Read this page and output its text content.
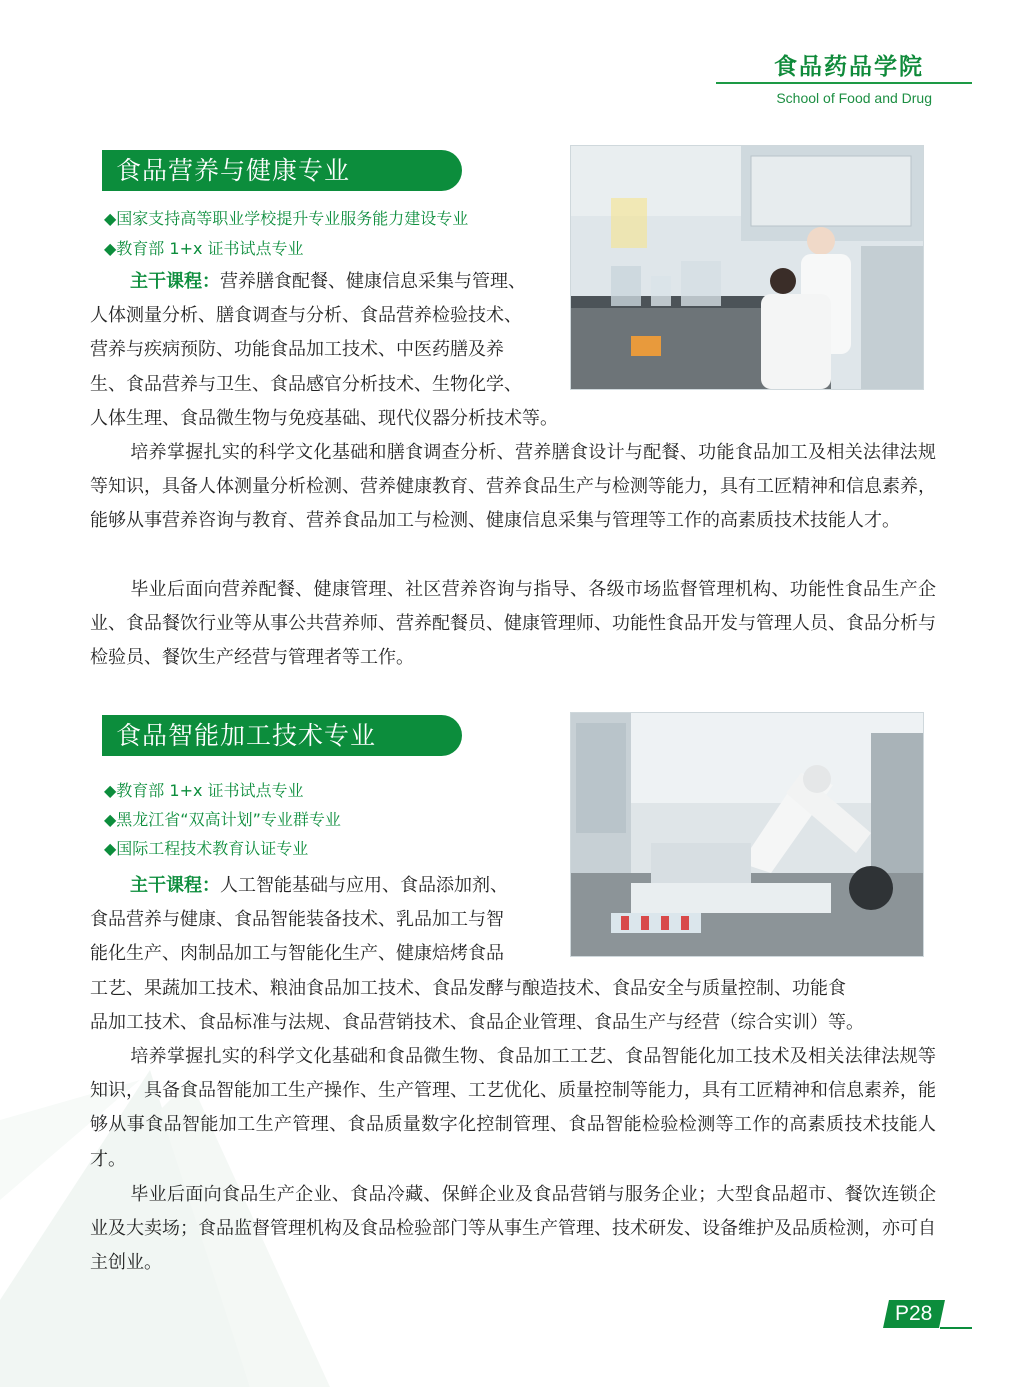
食品药品学院
School of Food and Drug
食品营养与健康专业
◆国家支持高等职业学校提升专业服务能力建设专业
◆教育部 1+x 证书试点专业

主干课程：营养膳食配餐、健康信息采集与管理、
人体测量分析、膳食调查与分析、食品营养检验技术、
营养与疾病预防、功能食品加工技术、中医药膳及养
生、食品营养与卫生、食品感官分析技术、生物化学、
人体生理、食品微生物与免疫基础、现代仪器分析技术等。

培养掌握扎实的科学文化基础和膳食调查分析、营养膳食设计与配餐、功能食品加工及相关法律法规等知识，具备人体测量分析检测、营养健康教育、营养食品生产与检测等能力，具有工匠精神和信息素养，能够从事营养咨询与教育、营养食品加工与检测、健康信息采集与管理等工作的高素质技术技能人才。

毕业后面向营养配餐、健康管理、社区营养咨询与指导、各级市场监督管理机构、功能性食品生产企业、食品餐饮行业等从事公共营养师、营养配餐员、健康管理师、功能性食品开发与管理人员、食品分析与检验员、餐饮生产经营与管理者等工作。

食品智能加工技术专业
◆教育部 1+x 证书试点专业
◆黑龙江省“双高计划”专业群专业
◆国际工程技术教育认证专业

主干课程：人工智能基础与应用、食品添加剂、
食品营养与健康、食品智能装备技术、乳品加工与智
能化生产、肉制品加工与智能化生产、健康焙烤食品
工艺、果蔬加工技术、粮油食品加工技术、食品发酵与酿造技术、食品安全与质量控制、功能食
品加工技术、食品标准与法规、食品营销技术、食品企业管理、食品生产与经营（综合实训）等。

培养掌握扎实的科学文化基础和食品微生物、食品加工工艺、食品智能化加工技术及相关法律法规等知识，具备食品智能加工生产操作、生产管理、工艺优化、质量控制等能力，具有工匠精神和信息素养，能够从事食品智能加工生产管理、食品质量数字化控制管理、食品智能检验检测等工作的高素质技术技能人才。

毕业后面向食品生产企业、食品冷藏、保鲜企业及食品营销与服务企业；大型食品超市、餐饮连锁企业及大卖场；食品监督管理机构及食品检验部门等从事生产管理、技术研发、设备维护及品质检测，亦可自主创业。

P28
